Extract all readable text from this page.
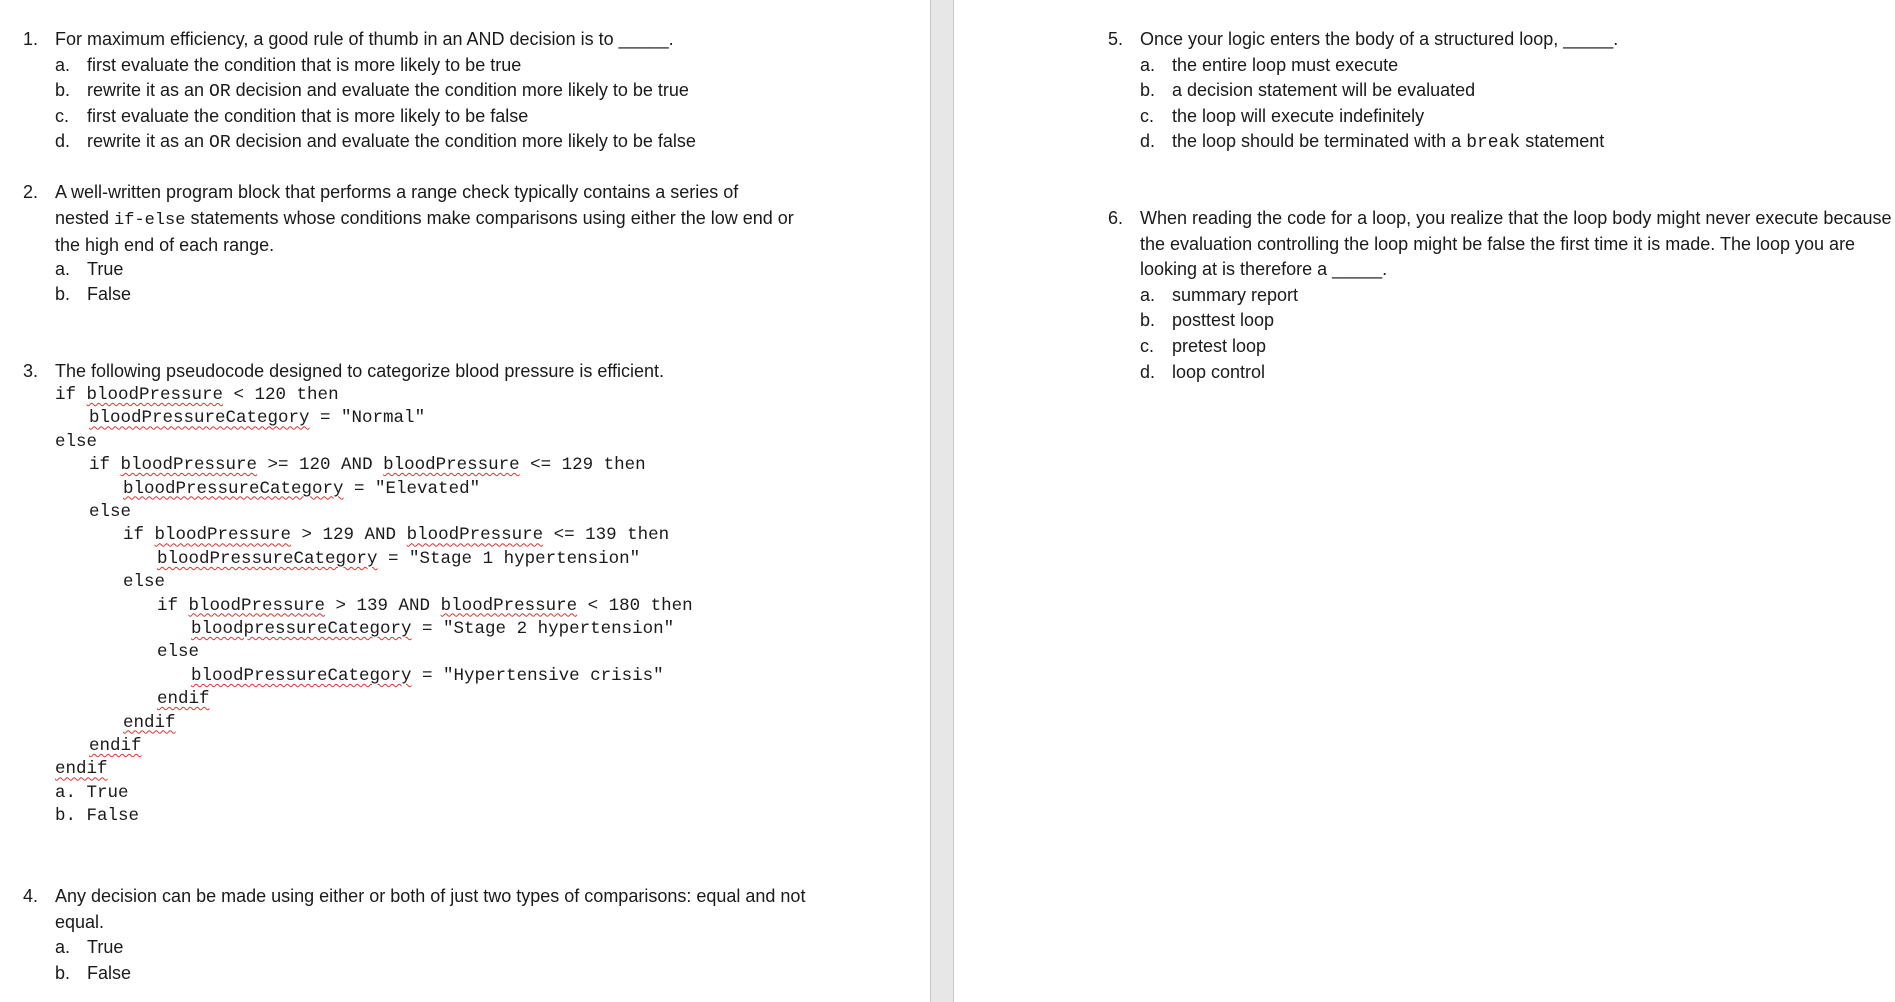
1. For maximum efficiency, a good rule of thumb in an AND decision is to _____.
a. first evaluate the condition that is more likely to be true
b. rewrite it as an OR decision and evaluate the condition more likely to be true
c. first evaluate the condition that is more likely to be false
d. rewrite it as an OR decision and evaluate the condition more likely to be false
2. A well-written program block that performs a range check typically contains a series of
nested if-else statements whose conditions make comparisons using either the low end or
the high end of each range.
a. True
b. False
3. The following pseudocode designed to categorize blood pressure is efficient.
if bloodPressure < 120 then
bloodPressureCategory = "Normal"
else
if bloodPressure >= 120 AND bloodPressure <= 129 then
bloodPressureCategory = "Elevated"
else
if bloodPressure > 129 AND bloodPressure <= 139 then
bloodPressureCategory = "Stage 1 hypertension"
else
if bloodPressure > 139 AND bloodPressure < 180 then
bloodpressureCategory = "Stage 2 hypertension"
else
bloodPressureCategory = "Hypertensive crisis"
endif
endif
endif
endif
a. True
b. False
4. Any decision can be made using either or both of just two types of comparisons: equal and not
equal.
a. True
b. False
5. Once your logic enters the body of a structured loop, _____.
a. the entire loop must execute
b. a decision statement will be evaluated
c. the loop will execute indefinitely
d. the loop should be terminated with a break statement
6. When reading the code for a loop, you realize that the loop body might never execute because
the evaluation controlling the loop might be false the first time it is made. The loop you are
looking at is therefore a _____.
a. summary report
b. posttest loop
c. pretest loop
d. loop control
